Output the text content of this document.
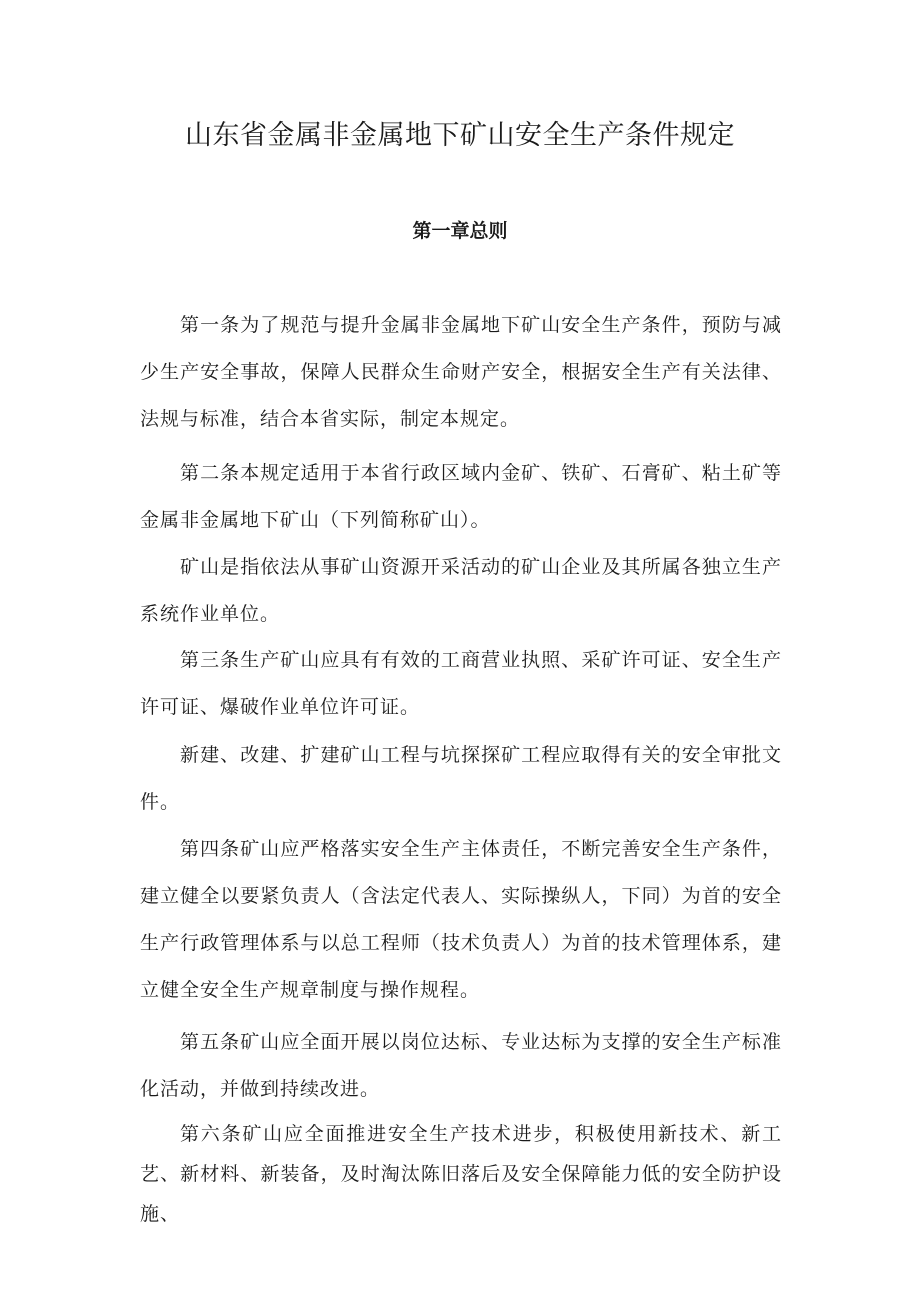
山东省金属非金属地下矿山安全生产条件规定
第一章总则

第一条为了规范与提升金属非金属地下矿山安全生产条件，预防与减少生产安全事故，保障人民群众生命财产安全，根据安全生产有关法律、法规与标准，结合本省实际，制定本规定。

第二条本规定适用于本省行政区域内金矿、铁矿、石膏矿、粘土矿等金属非金属地下矿山（下列简称矿山）。

矿山是指依法从事矿山资源开采活动的矿山企业及其所属各独立生产系统作业单位。

第三条生产矿山应具有有效的工商营业执照、采矿许可证、安全生产许可证、爆破作业单位许可证。

新建、改建、扩建矿山工程与坑探探矿工程应取得有关的安全审批文件。

第四条矿山应严格落实安全生产主体责任，不断完善安全生产条件，建立健全以要紧负责人（含法定代表人、实际操纵人，下同）为首的安全生产行政管理体系与以总工程师（技术负责人）为首的技术管理体系，建立健全安全生产规章制度与操作规程。

第五条矿山应全面开展以岗位达标、专业达标为支撑的安全生产标准化活动，并做到持续改进。

第六条矿山应全面推进安全生产技术进步，积极使用新技术、新工艺、新材料、新装备，及时淘汰陈旧落后及安全保障能力低的安全防护设施、
